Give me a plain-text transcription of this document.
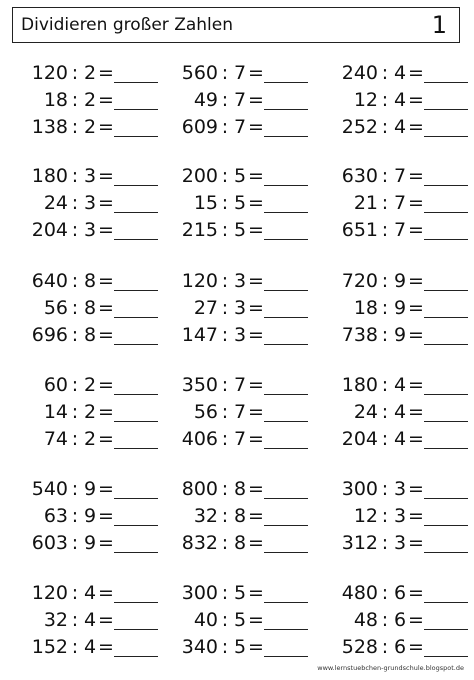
Dividieren großer Zahlen	1
120 : 2 =
18 : 2 =
138 : 2 =
560 : 7 =
49 : 7 =
609 : 7 =
240 : 4 =
12 : 4 =
252 : 4 =
180 : 3 =
24 : 3 =
204 : 3 =
200 : 5 =
15 : 5 =
215 : 5 =
630 : 7 =
21 : 7 =
651 : 7 =
640 : 8 =
56 : 8 =
696 : 8 =
120 : 3 =
27 : 3 =
147 : 3 =
720 : 9 =
18 : 9 =
738 : 9 =
60 : 2 =
14 : 2 =
74 : 2 =
350 : 7 =
56 : 7 =
406 : 7 =
180 : 4 =
24 : 4 =
204 : 4 =
540 : 9 =
63 : 9 =
603 : 9 =
800 : 8 =
32 : 8 =
832 : 8 =
300 : 3 =
12 : 3 =
312 : 3 =
120 : 4 =
32 : 4 =
152 : 4 =
300 : 5 =
40 : 5 =
340 : 5 =
480 : 6 =
48 : 6 =
528 : 6 =
www.lernstuebchen-grundschule.blogspot.de
